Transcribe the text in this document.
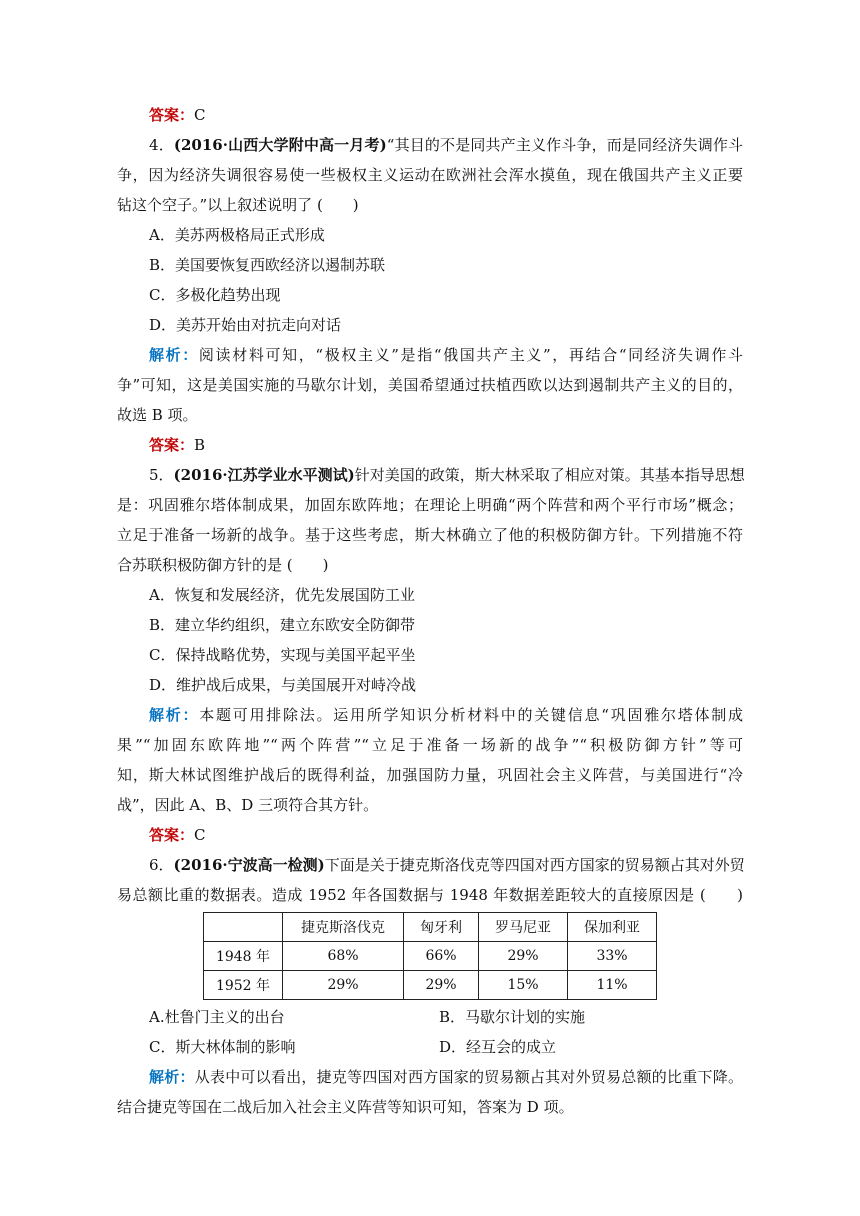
答案：C
4．(2016·山西大学附中高一月考)“其目的不是同共产主义作斗争，而是同经济失调作斗
争，因为经济失调很容易使一些极权主义运动在欧洲社会浑水摸鱼，现在俄国共产主义正要
钻这个空子。”以上叙述说明了 (　　)
A．美苏两极格局正式形成
B．美国要恢复西欧经济以遏制苏联
C．多极化趋势出现
D．美苏开始由对抗走向对话
解析：阅读材料可知，“极权主义”是指“俄国共产主义”，再结合“同经济失调作斗
争”可知，这是美国实施的马歇尔计划，美国希望通过扶植西欧以达到遏制共产主义的目的，
故选 B 项。
答案：B
5．(2016·江苏学业水平测试)针对美国的政策，斯大林采取了相应对策。其基本指导思想
是：巩固雅尔塔体制成果，加固东欧阵地；在理论上明确“两个阵营和两个平行市场”概念；
立足于准备一场新的战争。基于这些考虑，斯大林确立了他的积极防御方针。下列措施不符
合苏联积极防御方针的是 (　　)
A．恢复和发展经济，优先发展国防工业
B．建立华约组织，建立东欧安全防御带
C．保持战略优势，实现与美国平起平坐
D．维护战后成果，与美国展开对峙冷战
解析：本题可用排除法。运用所学知识分析材料中的关键信息“巩固雅尔塔体制成
果”“加固东欧阵地”“两个阵营”“立足于准备一场新的战争”“积极防御方针”等可
知，斯大林试图维护战后的既得利益，加强国防力量，巩固社会主义阵营，与美国进行“冷
战”，因此 A、B、D 三项符合其方针。
答案：C
6．(2016·宁波高一检测)下面是关于捷克斯洛伐克等四国对西方国家的贸易额占其对外贸
易总额比重的数据表。造成 1952 年各国数据与 1948 年数据差距较大的直接原因是 (　　)
	捷克斯洛伐克	匈牙利	罗马尼亚	保加利亚
1948 年	68%	66%	29%	33%
1952 年	29%	29%	15%	11%
A.杜鲁门主义的出台	B．马歇尔计划的实施
C．斯大林体制的影响	D．经互会的成立
解析：从表中可以看出，捷克等四国对西方国家的贸易额占其对外贸易总额的比重下降。
结合捷克等国在二战后加入社会主义阵营等知识可知，答案为 D 项。
